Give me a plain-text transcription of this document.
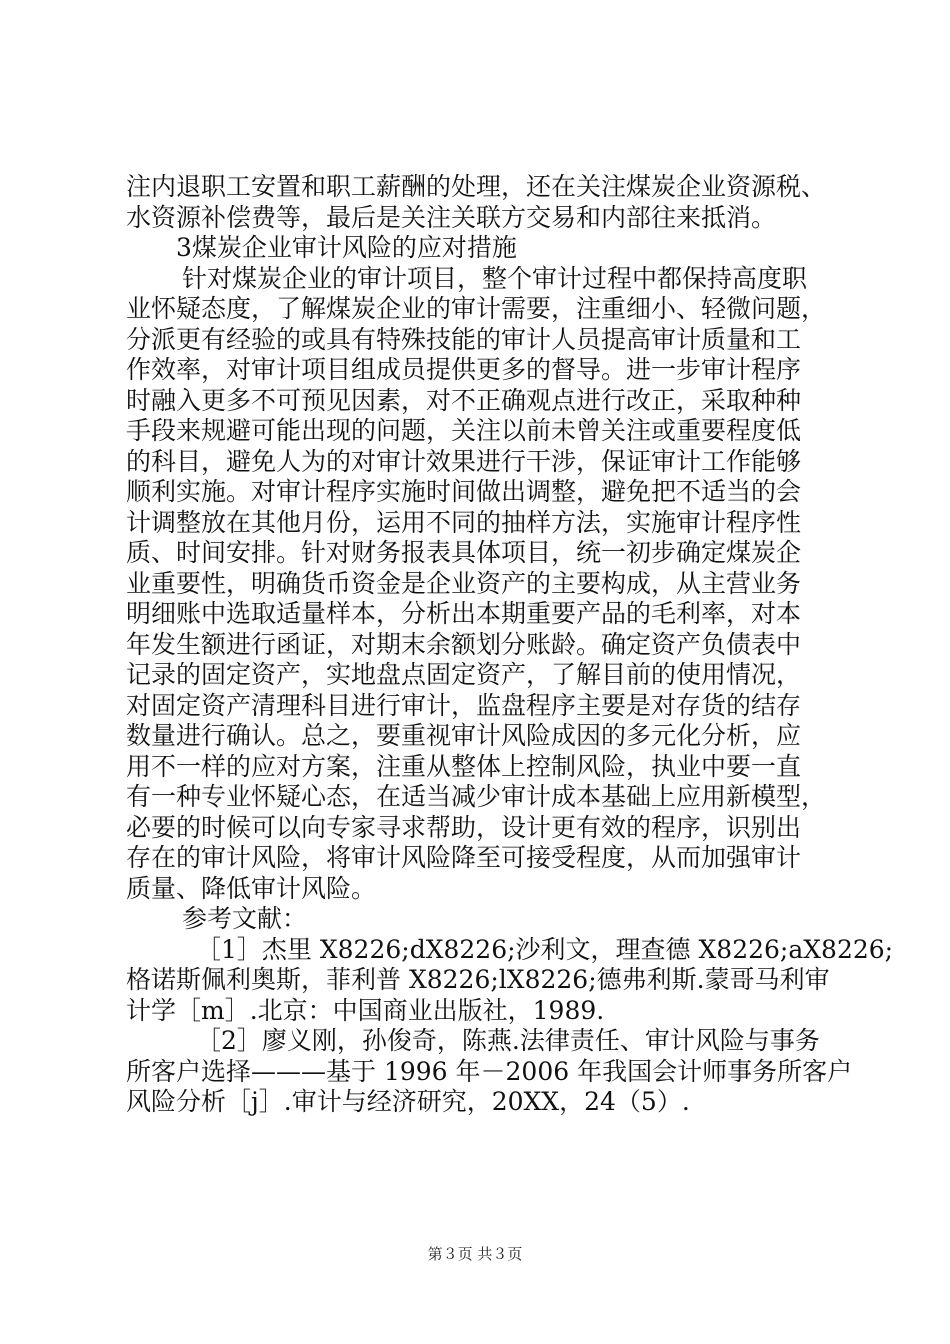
注内退职工安置和职工薪酬的处理，还在关注煤炭企业资源税、
水资源补偿费等，最后是关注关联方交易和内部往来抵消。
3煤炭企业审计风险的应对措施
针对煤炭企业的审计项目，整个审计过程中都保持高度职
业怀疑态度，了解煤炭企业的审计需要，注重细小、轻微问题，
分派更有经验的或具有特殊技能的审计人员提高审计质量和工
作效率，对审计项目组成员提供更多的督导。进一步审计程序
时融入更多不可预见因素，对不正确观点进行改正，采取种种
手段来规避可能出现的问题，关注以前未曾关注或重要程度低
的科目，避免人为的对审计效果进行干涉，保证审计工作能够
顺利实施。对审计程序实施时间做出调整，避免把不适当的会
计调整放在其他月份，运用不同的抽样方法，实施审计程序性
质、时间安排。针对财务报表具体项目，统一初步确定煤炭企
业重要性，明确货币资金是企业资产的主要构成，从主营业务
明细账中选取适量样本，分析出本期重要产品的毛利率，对本
年发生额进行函证，对期末余额划分账龄。确定资产负债表中
记录的固定资产，实地盘点固定资产，了解目前的使用情况，
对固定资产清理科目进行审计，监盘程序主要是对存货的结存
数量进行确认。总之，要重视审计风险成因的多元化分析，应
用不一样的应对方案，注重从整体上控制风险，执业中要一直
有一种专业怀疑心态，在适当减少审计成本基础上应用新模型，
必要的时候可以向专家寻求帮助，设计更有效的程序，识别出
存在的审计风险，将审计风险降至可接受程度，从而加强审计
质量、降低审计风险。
参考文献：
［1］杰里 X8226;dX8226;沙利文，理查德 X8226;aX8226;
格诺斯佩利奥斯，菲利普 X8226;lX8226;德弗利斯.蒙哥马利审
计学［m］.北京：中国商业出版社，1989.
［2］廖义刚，孙俊奇，陈燕.法律责任、审计风险与事务
所客户选择———基于 1996 年－2006 年我国会计师事务所客户
风险分析［j］.审计与经济研究，20XX，24（5）.
第３页 共３页
